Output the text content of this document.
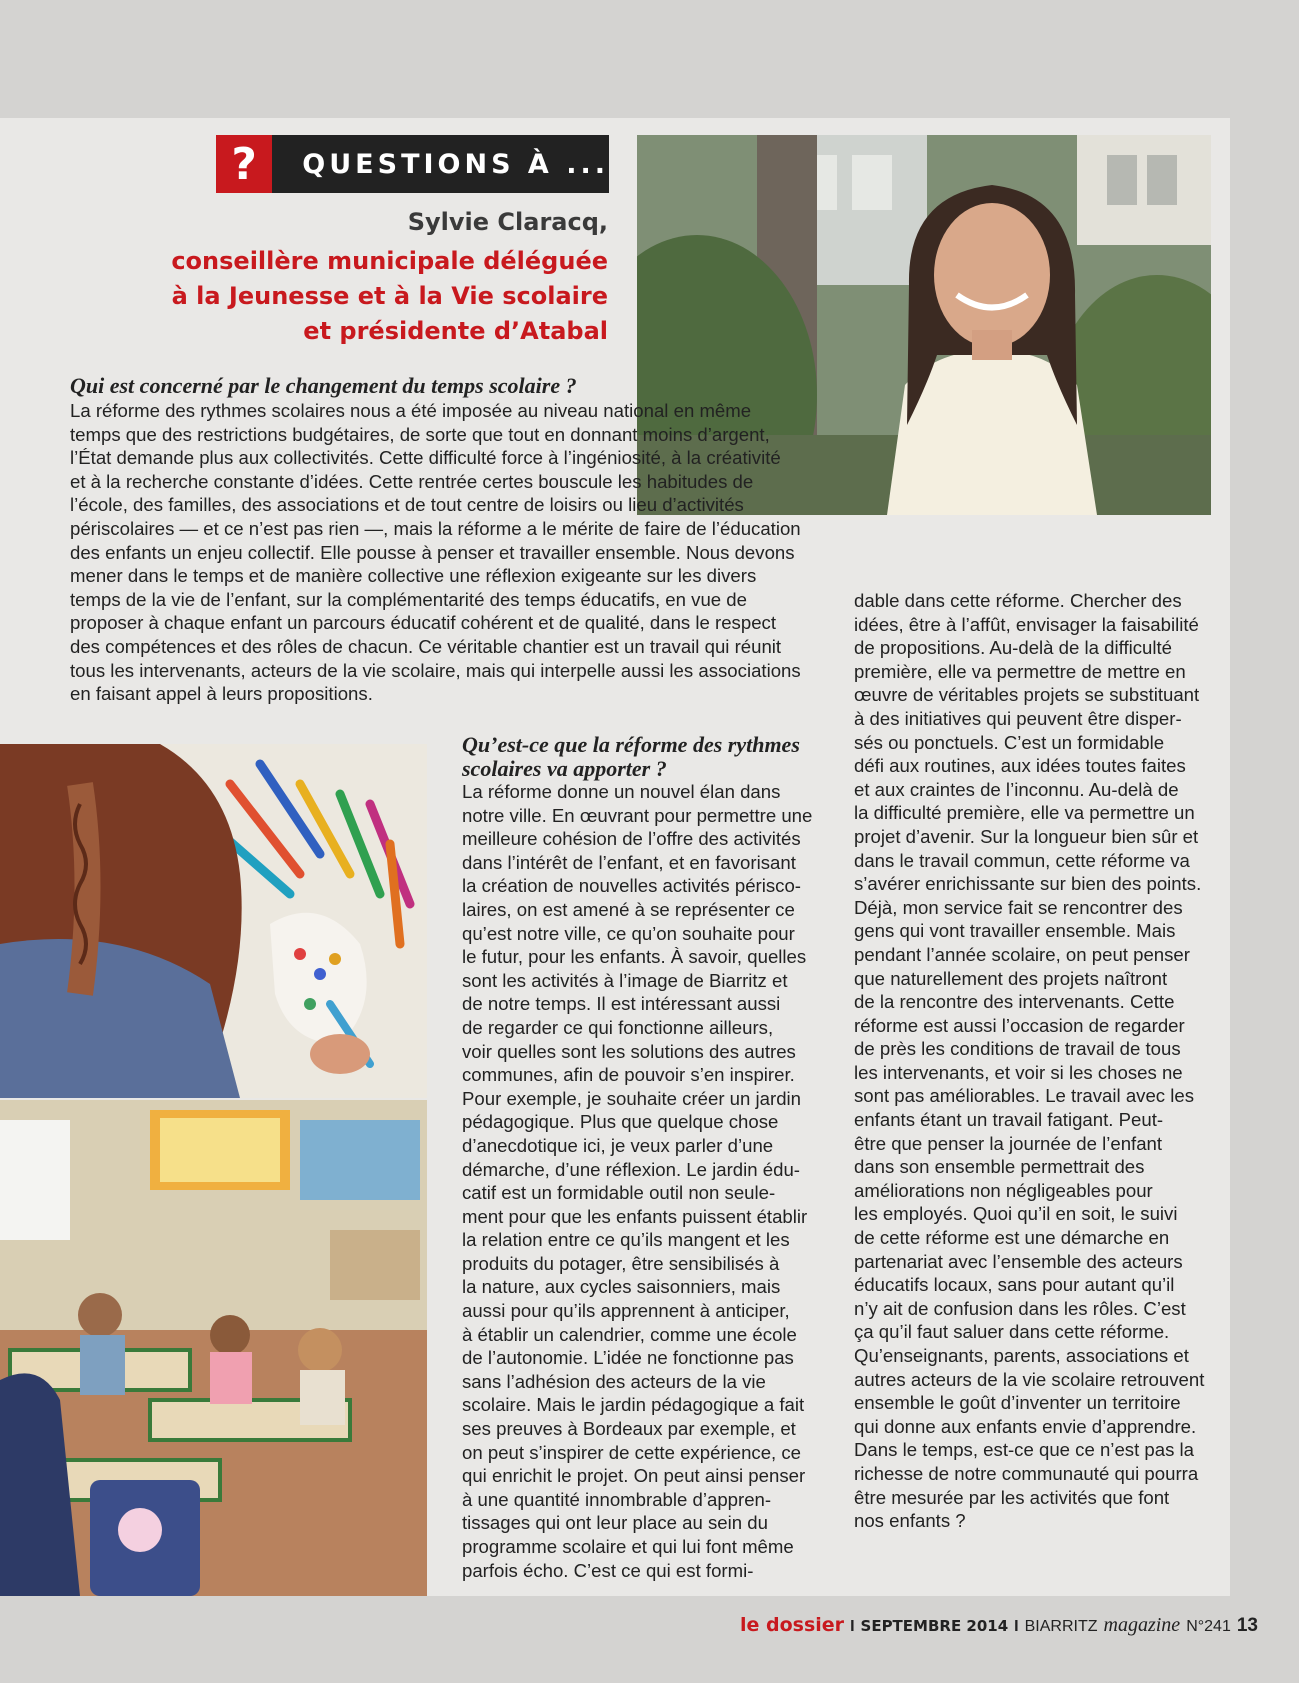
?	QUESTIONS À ...
Sylvie Claracq,
conseillère municipale déléguée
à la Jeunesse et à la Vie scolaire
et présidente d’Atabal
Qui est concerné par le changement du temps scolaire ?
La réforme des rythmes scolaires nous a été imposée au niveau national en même
temps que des restrictions budgétaires, de sorte que tout en donnant moins d’argent,
l’État demande plus aux collectivités. Cette difficulté force à l’ingéniosité, à la créativité
et à la recherche constante d’idées. Cette rentrée certes bouscule les habitudes de
l’école, des familles, des associations et de tout centre de loisirs ou lieu d’activités
périscolaires — et ce n’est pas rien —, mais la réforme a le mérite de faire de l’éducation
des enfants un enjeu collectif. Elle pousse à penser et travailler ensemble. Nous devons
mener dans le temps et de manière collective une réflexion exigeante sur les divers
temps de la vie de l’enfant, sur la complémentarité des temps éducatifs, en vue de
proposer à chaque enfant un parcours éducatif cohérent et de qualité, dans le respect
des compétences et des rôles de chacun. Ce véritable chantier est un travail qui réunit
tous les intervenants, acteurs de la vie scolaire, mais qui interpelle aussi les associations
en faisant appel à leurs propositions.
Qu’est-ce que la réforme des rythmes
scolaires va apporter ?
La réforme donne un nouvel élan dans
notre ville. En œuvrant pour permettre une
meilleure cohésion de l’offre des activités
dans l’intérêt de l’enfant, et en favorisant
la création de nouvelles activités périsco-
laires, on est amené à se représenter ce
qu’est notre ville, ce qu’on souhaite pour
le futur, pour les enfants. À savoir, quelles
sont les activités à l’image de Biarritz et
de notre temps. Il est intéressant aussi
de regarder ce qui fonctionne ailleurs,
voir quelles sont les solutions des autres
communes, afin de pouvoir s’en inspirer.
Pour exemple, je souhaite créer un jardin
pédagogique. Plus que quelque chose
d’anecdotique ici, je veux parler d’une
démarche, d’une réflexion. Le jardin édu-
catif est un formidable outil non seule-
ment pour que les enfants puissent établir
la relation entre ce qu’ils mangent et les
produits du potager, être sensibilisés à
la nature, aux cycles saisonniers, mais
aussi pour qu’ils apprennent à anticiper,
à établir un calendrier, comme une école
de l’autonomie. L’idée ne fonctionne pas
sans l’adhésion des acteurs de la vie
scolaire. Mais le jardin pédagogique a fait
ses preuves à Bordeaux par exemple, et
on peut s’inspirer de cette expérience, ce
qui enrichit le projet. On peut ainsi penser
à une quantité innombrable d’appren-
tissages qui ont leur place au sein du
programme scolaire et qui lui font même
parfois écho. C’est ce qui est formi-
dable dans cette réforme. Chercher des
idées, être à l’affût, envisager la faisabilité
de propositions. Au-delà de la difficulté
première, elle va permettre de mettre en
œuvre de véritables projets se substituant
à des initiatives qui peuvent être disper-
sés ou ponctuels. C’est un formidable
défi aux routines, aux idées toutes faites
et aux craintes de l’inconnu. Au-delà de
la difficulté première, elle va permettre un
projet d’avenir. Sur la longueur bien sûr et
dans le travail commun, cette réforme va
s’avérer enrichissante sur bien des points.
Déjà, mon service fait se rencontrer des
gens qui vont travailler ensemble. Mais
pendant l’année scolaire, on peut penser
que naturellement des projets naîtront
de la rencontre des intervenants. Cette
réforme est aussi l’occasion de regarder
de près les conditions de travail de tous
les intervenants, et voir si les choses ne
sont pas améliorables. Le travail avec les
enfants étant un travail fatigant. Peut-
être que penser la journée de l’enfant
dans son ensemble permettrait des
améliorations non négligeables pour
les employés. Quoi qu’il en soit, le suivi
de cette réforme est une démarche en
partenariat avec l’ensemble des acteurs
éducatifs locaux, sans pour autant qu’il
n’y ait de confusion dans les rôles. C’est
ça qu’il faut saluer dans cette réforme.
Qu’enseignants, parents, associations et
autres acteurs de la vie scolaire retrouvent
ensemble le goût d’inventer un territoire
qui donne aux enfants envie d’apprendre.
Dans le temps, est-ce que ce n’est pas la
richesse de notre communauté qui pourra
être mesurée par les activités que font
nos enfants ?
le dossier I SEPTEMBRE 2014 I BIARRITZ magazine N°241 13
